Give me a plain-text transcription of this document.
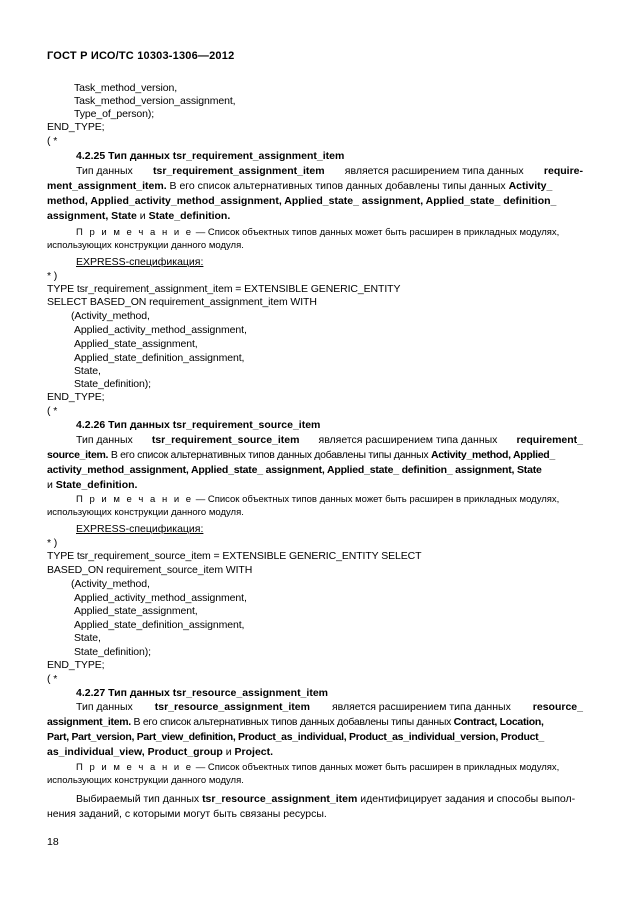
ГОСТ Р ИСО/ТС 10303-1306—2012
Task_method_version,
Task_method_version_assignment,
Type_of_person);
END_TYPE;
( *
4.2.25 Тип данных tsr_requirement_assignment_item
Тип данных tsr_requirement_assignment_item является расширением типа данных require-
ment_assignment_item. В его список альтернативных типов данных добавлены типы данных Activity_
method, Applied_activity_method_assignment, Applied_state_ assignment, Applied_state_ definition_
assignment, State и State_definition.
П р и м е ч а н и е — Список объектных типов данных может быть расширен в прикладных модулях,
использующих конструкции данного модуля.
EXPRESS-спецификация:
* )
TYPE tsr_requirement_assignment_item = EXTENSIBLE GENERIC_ENTITY
SELECT BASED_ON requirement_assignment_item WITH
(Activity_method,
Applied_activity_method_assignment,
Applied_state_assignment,
Applied_state_definition_assignment,
State,
State_definition);
END_TYPE;
( *
4.2.26 Тип данных tsr_requirement_source_item
Тип данных tsr_requirement_source_item является расширением типа данных requirement_
source_item. В его список альтернативных типов данных добавлены типы данных Activity_method, Applied_
activity_method_assignment, Applied_state_ assignment, Applied_state_ definition_ assignment, State
и State_definition.
П р и м е ч а н и е — Список объектных типов данных может быть расширен в прикладных модулях,
использующих конструкции данного модуля.
EXPRESS-спецификация:
* )
TYPE tsr_requirement_source_item = EXTENSIBLE GENERIC_ENTITY SELECT
BASED_ON requirement_source_item WITH
(Activity_method,
Applied_activity_method_assignment,
Applied_state_assignment,
Applied_state_definition_assignment,
State,
State_definition);
END_TYPE;
( *
4.2.27 Тип данных tsr_resource_assignment_item
Тип данных tsr_resource_assignment_item является расширением типа данных resource_
assignment_item. В его список альтернативных типов данных добавлены типы данных Contract, Location,
Part, Part_version, Part_view_definition, Product_as_individual, Product_as_individual_version, Product_
as_individual_view, Product_group и Project.
П р и м е ч а н и е — Список объектных типов данных может быть расширен в прикладных модулях,
использующих конструкции данного модуля.
Выбираемый тип данных tsr_resource_assignment_item идентифицирует задания и способы выпол-
нения заданий, с которыми могут быть связаны ресурсы.
18
